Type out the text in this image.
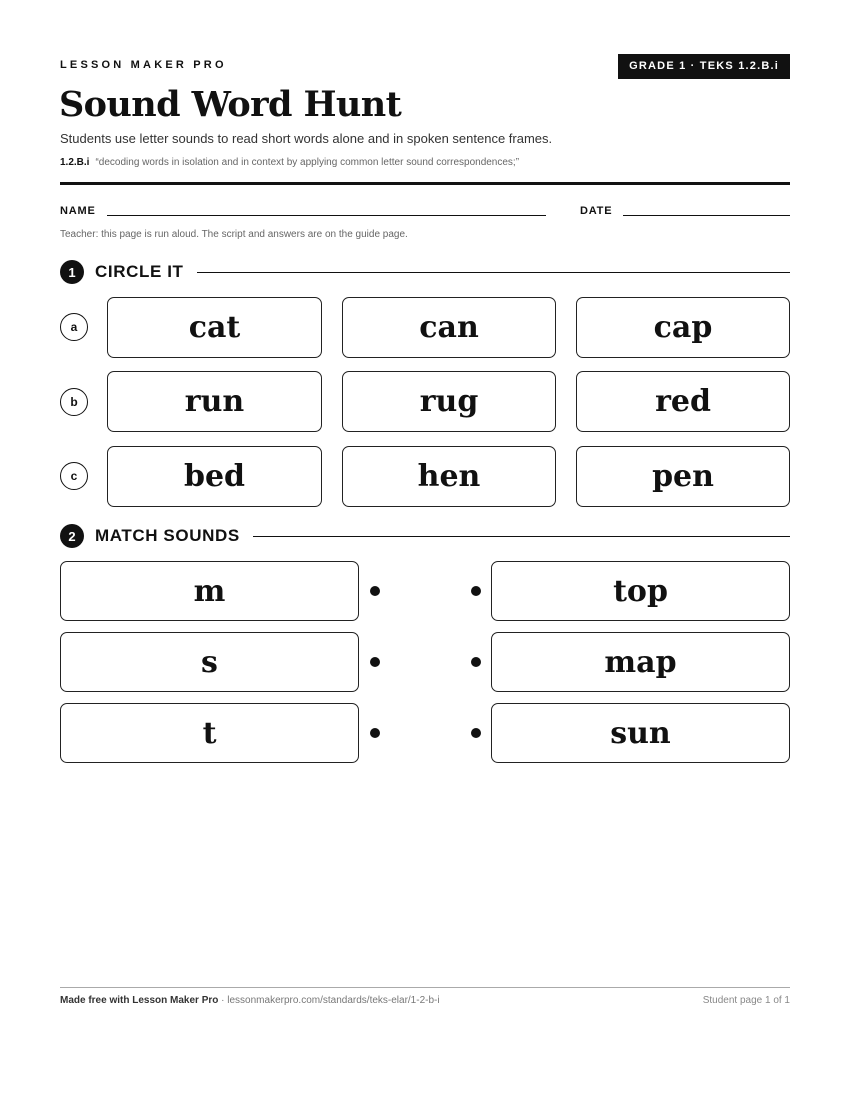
LESSON MAKER PRO	GRADE 1 · TEKS 1.2.B.i
Sound Word Hunt
Students use letter sounds to read short words alone and in spoken sentence frames.
1.2.B.i “decoding words in isolation and in context by applying common letter sound correspondences;”
NAME	DATE
Teacher: this page is run aloud. The script and answers are on the guide page.
1	CIRCLE IT
a	cat	can	cap
b	run	rug	red
c	bed	hen	pen
2	MATCH SOUNDS
m	top
s	map
t	sun
Made free with Lesson Maker Pro · lessonmakerpro.com/standards/teks-elar/1-2-b-i	Student page 1 of 1
